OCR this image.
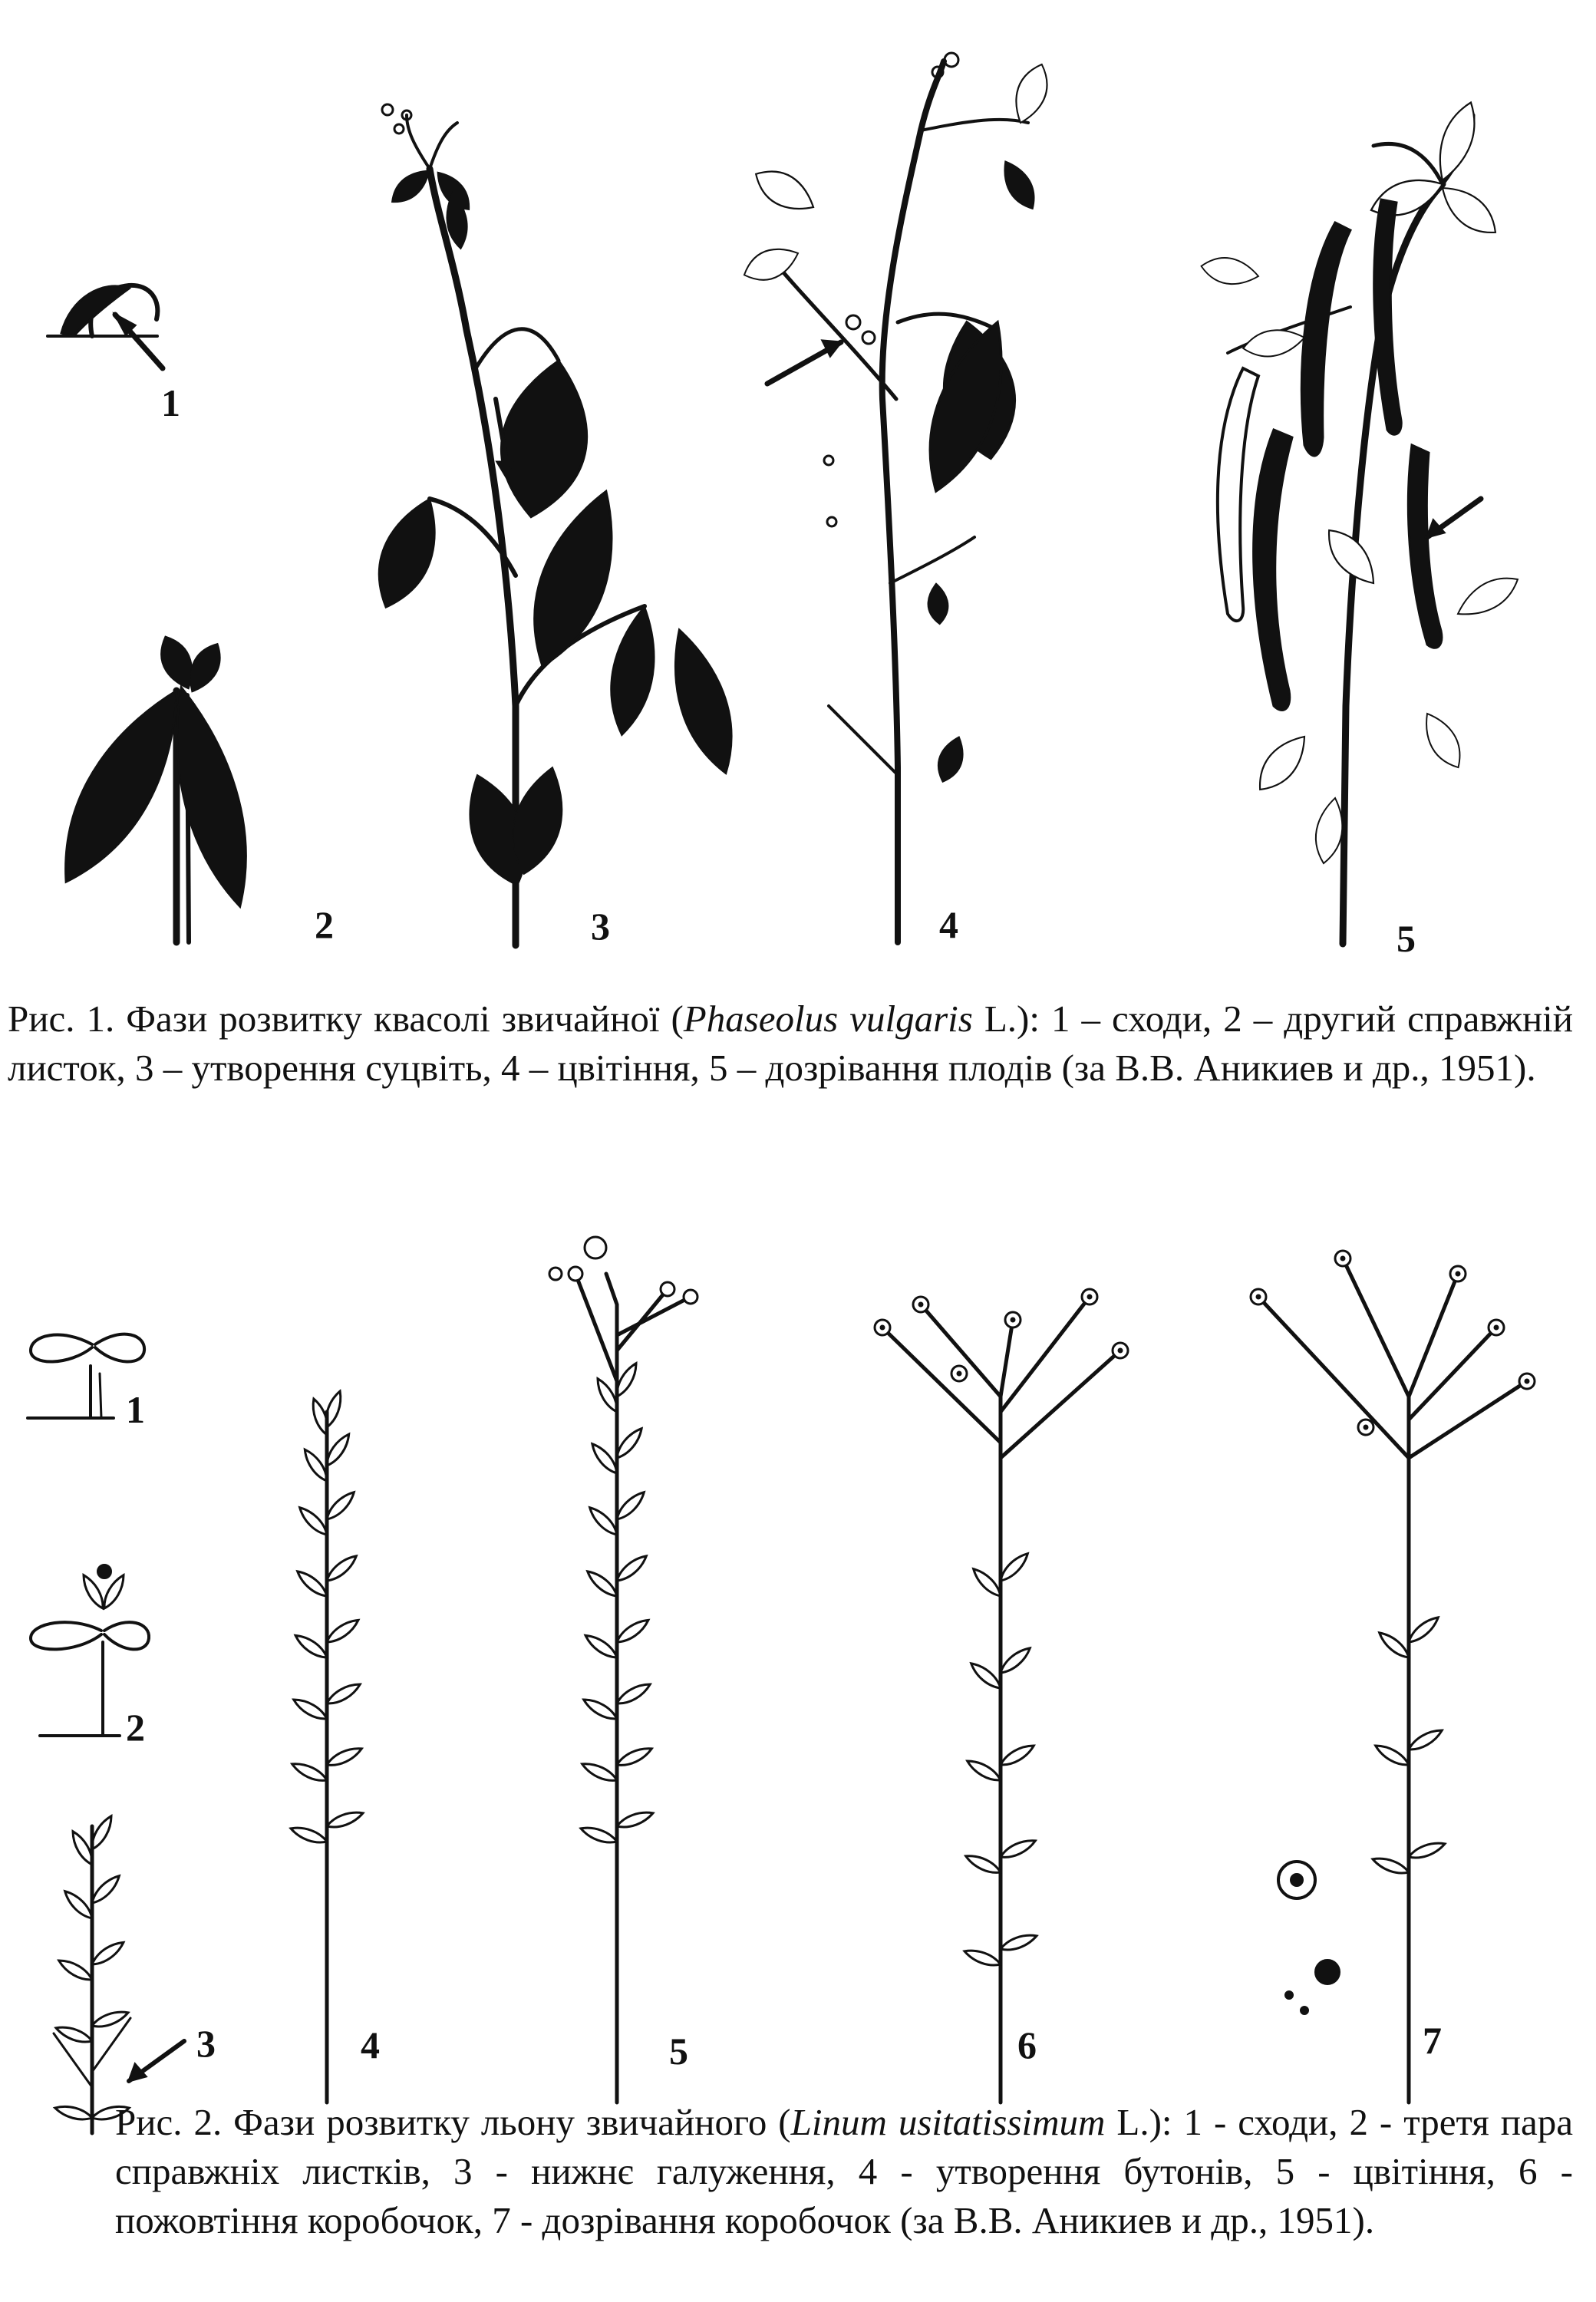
1
2	3	4	5

Рис. 1. Фази розвитку квасолі звичайної (Phaseolus vulgaris L.): 1 – сходи, 2 – другий справжній листок, 3 – утворення суцвіть, 4 – цвітіння, 5 – дозрівання плодів (за В.В. Аникиев и др., 1951).

1
2
3	4	5	6	7

Рис. 2. Фази розвитку льону звичайного (Linum usitatissimum L.): 1 - сходи, 2 - третя пара справжніх листків, 3 - нижнє галуження, 4 - утворення бутонів, 5 - цвітіння, 6 - пожовтіння коробочок, 7 - дозрівання коробочок (за В.В. Аникиев и др., 1951).
